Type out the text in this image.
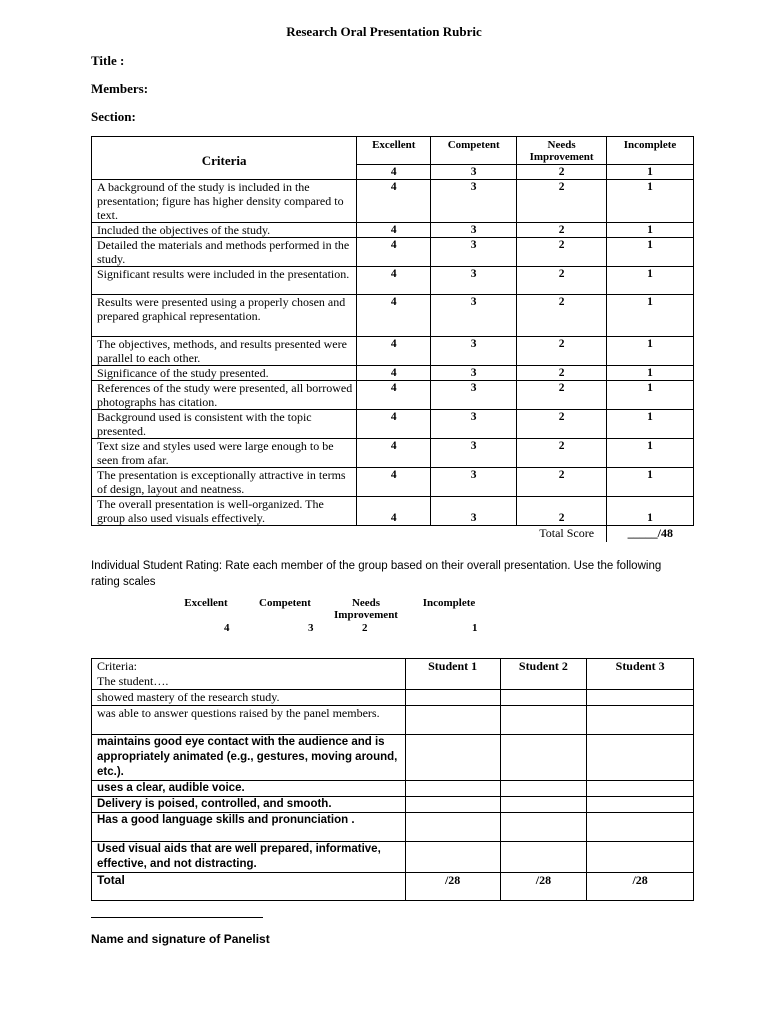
Research Oral Presentation Rubric
Title :
Members:
Section:
Criteria	Excellent	Competent	Needs Improvement	Incomplete
	4	3	2	1
A background of the study is included in the presentation; figure has higher density compared to text.	4	3	2	1
Included the objectives of the study.	4	3	2	1
Detailed the materials and methods performed in the study.	4	3	2	1
Significant results were included in the presentation.	4	3	2	1
Results were presented using a properly chosen and prepared graphical representation.	4	3	2	1
The objectives, methods, and results presented were parallel to each other.	4	3	2	1
Significance of the study presented.	4	3	2	1
References of the study were presented, all borrowed photographs has citation.	4	3	2	1
Background used is consistent with the topic presented.	4	3	2	1
Text size and styles used were large enough to be seen from afar.	4	3	2	1
The presentation is exceptionally attractive in terms of design, layout and neatness.	4	3	2	1
The overall presentation is well-organized. The group also used visuals effectively.	4	3	2	1
			Total Score	_____/48
Individual Student Rating: Rate each member of the group based on their overall presentation. Use the following rating scales
Excellent	Competent	Needs Improvement
Incomplete
4	3	2	1
Criteria:
The student….	Student 1	Student 2	Student 3
showed mastery of the research study.			
was able to answer questions raised by the panel members.			
maintains good eye contact with the audience and is appropriately animated (e.g., gestures, moving around, etc.).			
uses a clear, audible voice.			
Delivery is poised, controlled, and smooth.			
Has a good language skills and pronunciation .			
Used visual aids that are well prepared, informative, effective, and not distracting.			
Total	/28	/28	/28
Name and signature of Panelist
